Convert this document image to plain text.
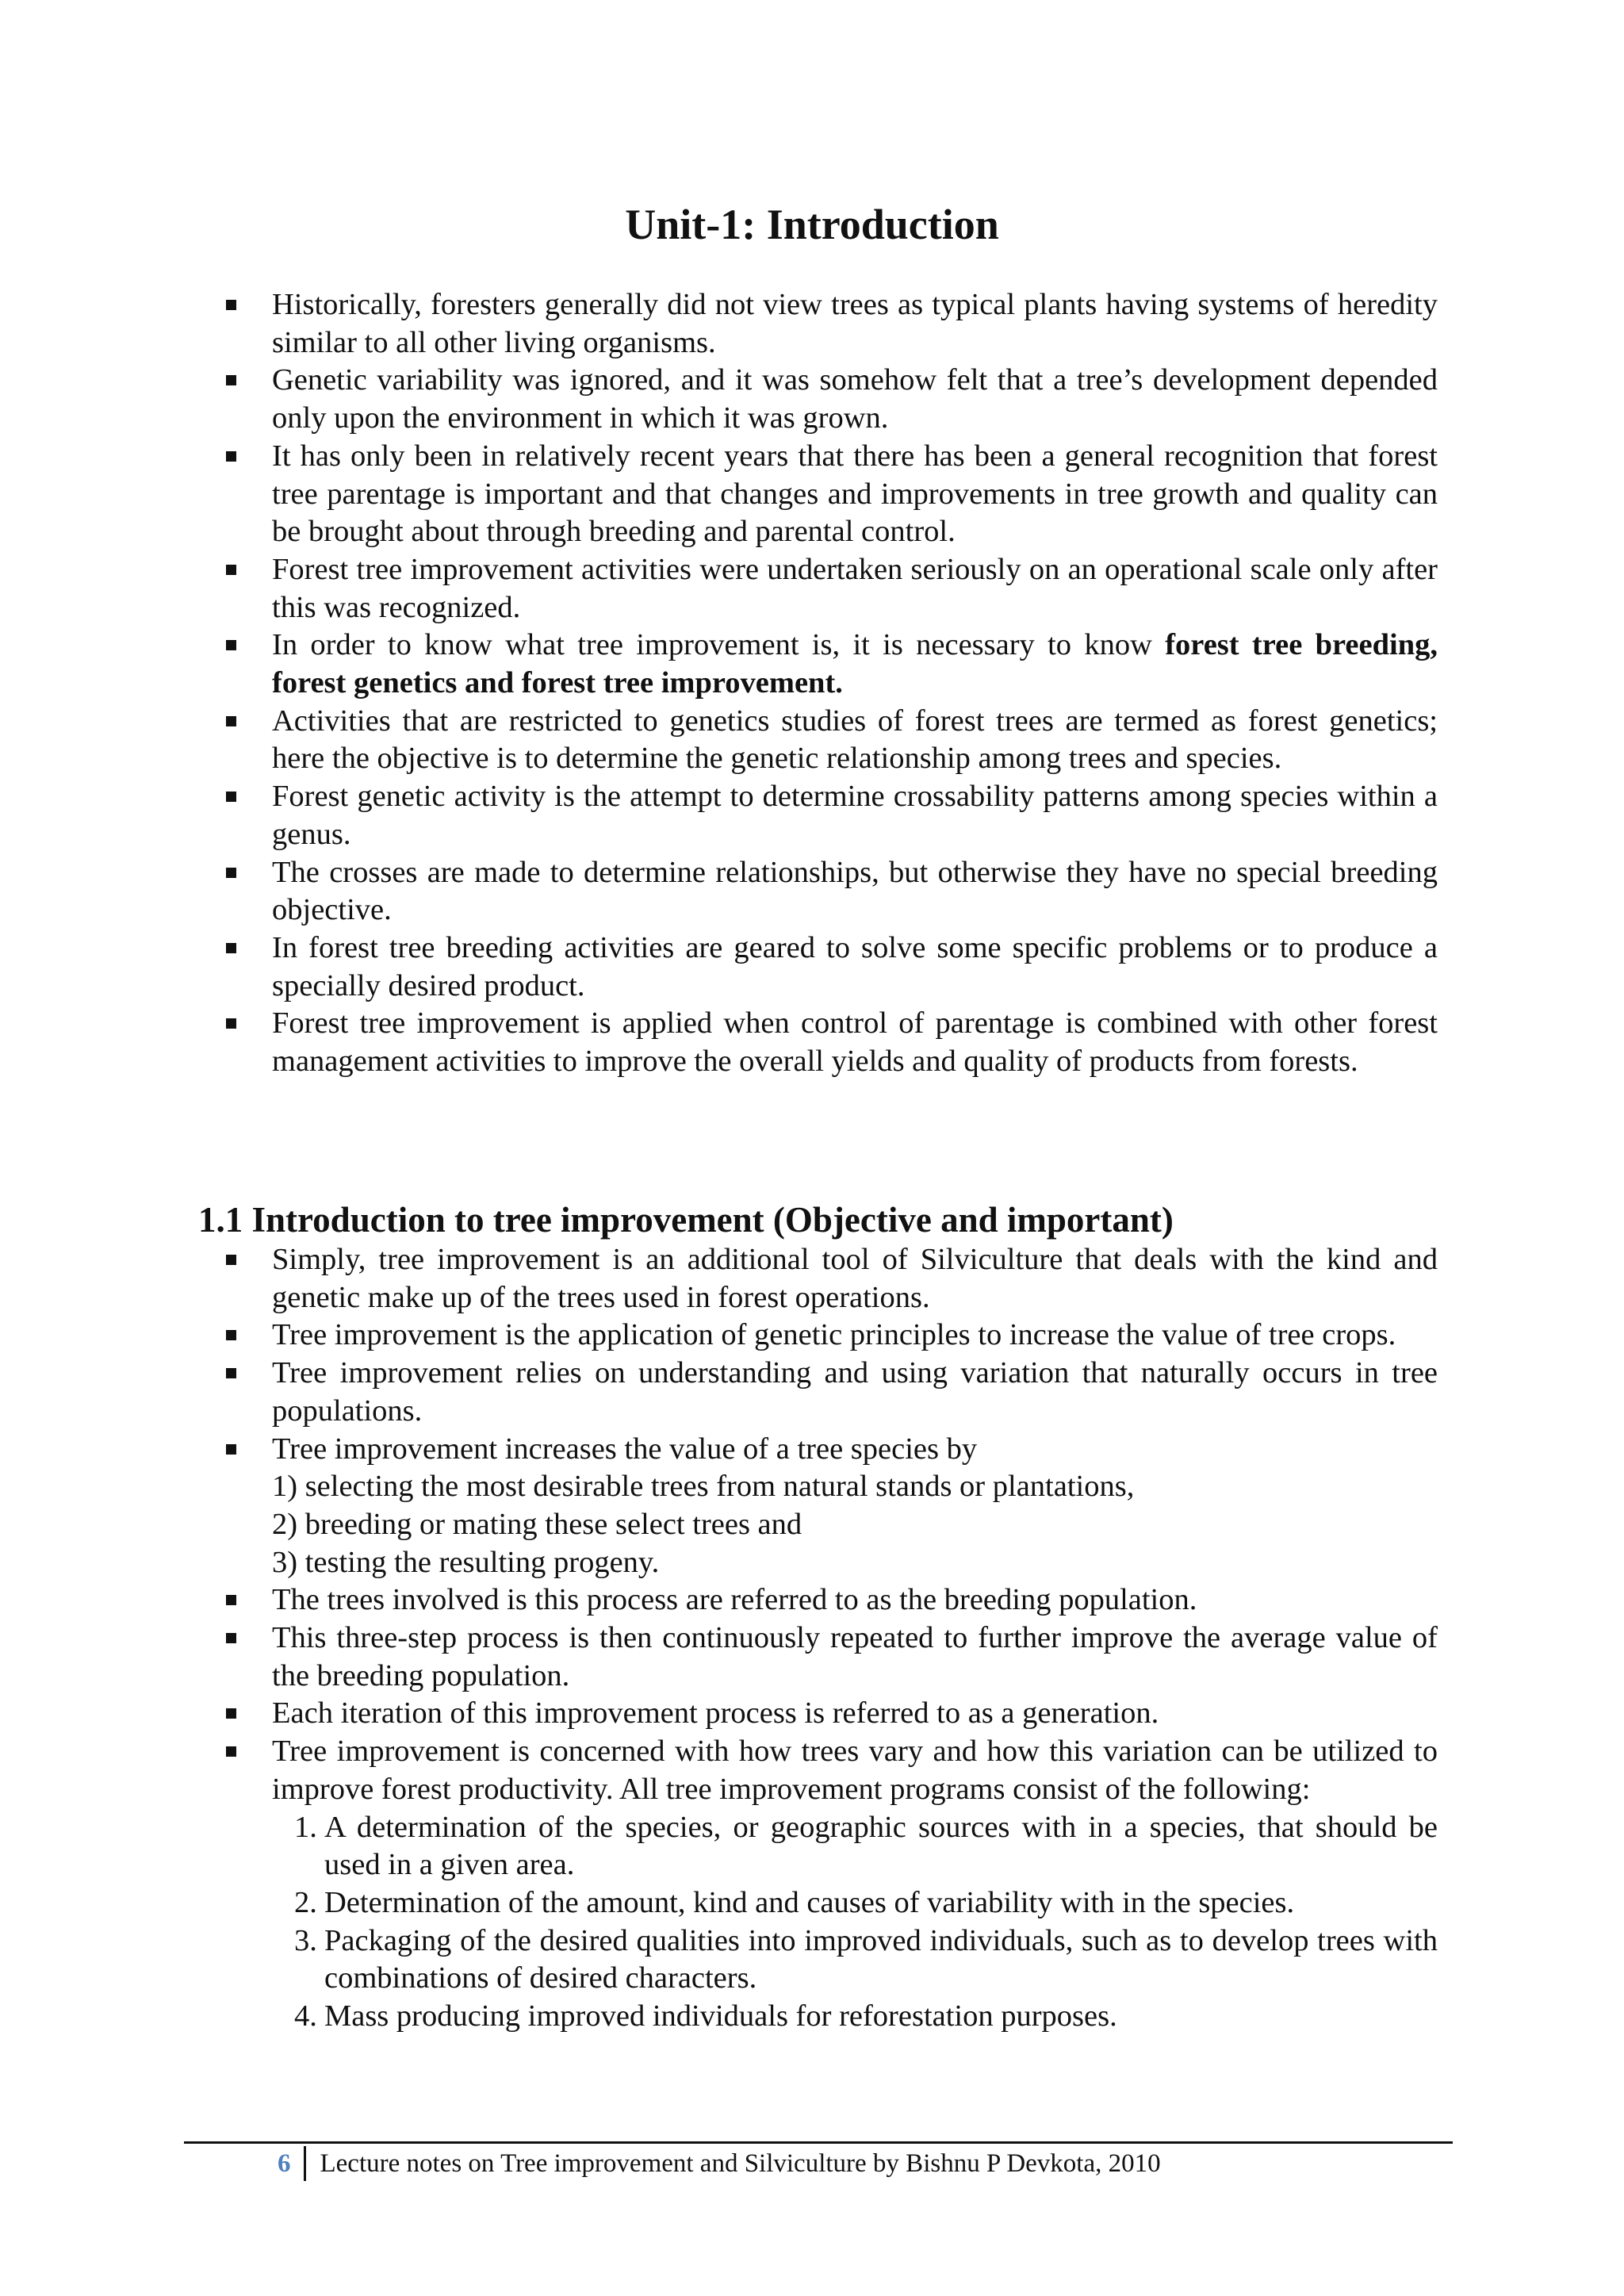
Unit-1: Introduction
Historically, foresters generally did not view trees as typical plants having systems of heredity similar to all other living organisms.
Genetic variability was ignored, and it was somehow felt that a tree’s development depended only upon the environment in which it was grown.
It has only been in relatively recent years that there has been a general recognition that forest tree parentage is important and that changes and improvements in tree growth and quality can be brought about through breeding and parental control.
Forest tree improvement activities were undertaken seriously on an operational scale only after this was recognized.
In order to know what tree improvement is, it is necessary to know forest tree breeding, forest genetics and forest tree improvement.
Activities that are restricted to genetics studies of forest trees are termed as forest genetics; here the objective is to determine the genetic relationship among trees and species.
Forest genetic activity is the attempt to determine crossability patterns among species within a genus.
The crosses are made to determine relationships, but otherwise they have no special breeding objective.
In forest tree breeding activities are geared to solve some specific problems or to produce a specially desired product.
Forest tree improvement is applied when control of parentage is combined with other forest management activities to improve the overall yields and quality of products from forests.
1.1 Introduction to tree improvement (Objective and important)
Simply, tree improvement is an additional tool of Silviculture that deals with the kind and genetic make up of the trees used in forest operations.
Tree improvement is the application of genetic principles to increase the value of tree crops.
Tree improvement relies on understanding and using variation that naturally occurs in tree populations.
Tree improvement increases the value of a tree species by
1) selecting the most desirable trees from natural stands or plantations,
2) breeding or mating these select trees and
3) testing the resulting progeny.
The trees involved is this process are referred to as the breeding population.
This three-step process is then continuously repeated to further improve the average value of the breeding population.
Each iteration of this improvement process is referred to as a generation.
Tree improvement is concerned with how trees vary and how this variation can be utilized to improve forest productivity. All tree improvement programs consist of the following:
1. A determination of the species, or geographic sources with in a species, that should be used in a given area.
2. Determination of the amount, kind and causes of variability with in the species.
3. Packaging of the desired qualities into improved individuals, such as to develop trees with combinations of desired characters.
4. Mass producing improved individuals for reforestation purposes.
6	Lecture notes on Tree improvement and Silviculture by Bishnu P Devkota, 2010
